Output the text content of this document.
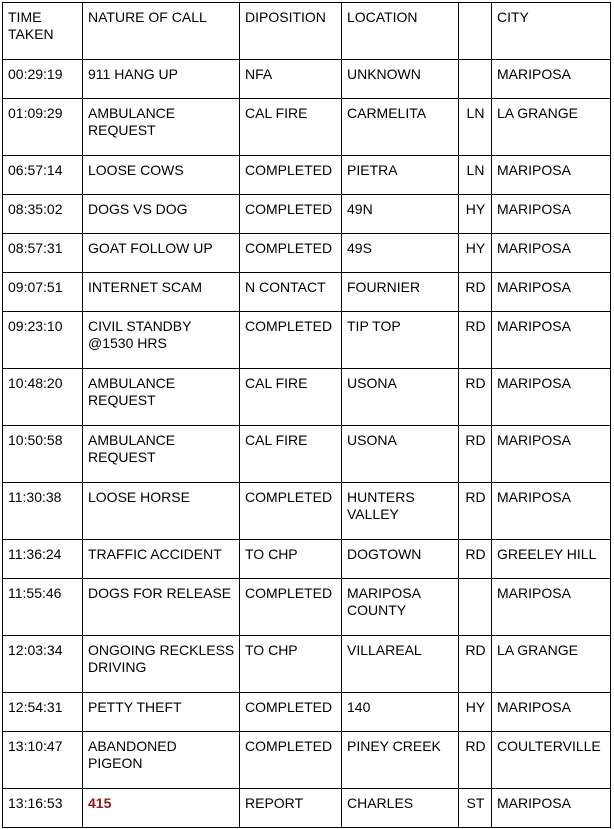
TIME TAKEN	NATURE OF CALL	DIPOSITION	LOCATION		CITY
00:29:19	911 HANG UP	NFA	UNKNOWN		MARIPOSA
01:09:29	AMBULANCE REQUEST	CAL FIRE	CARMELITA	LN	LA GRANGE
06:57:14	LOOSE COWS	COMPLETED	PIETRA	LN	MARIPOSA
08:35:02	DOGS VS DOG	COMPLETED	49N	HY	MARIPOSA
08:57:31	GOAT FOLLOW UP	COMPLETED	49S	HY	MARIPOSA
09:07:51	INTERNET SCAM	N CONTACT	FOURNIER	RD	MARIPOSA
09:23:10	CIVIL STANDBY @1530 HRS	COMPLETED	TIP TOP	RD	MARIPOSA
10:48:20	AMBULANCE REQUEST	CAL FIRE	USONA	RD	MARIPOSA
10:50:58	AMBULANCE REQUEST	CAL FIRE	USONA	RD	MARIPOSA
11:30:38	LOOSE HORSE	COMPLETED	HUNTERS VALLEY	RD	MARIPOSA
11:36:24	TRAFFIC ACCIDENT	TO CHP	DOGTOWN	RD	GREELEY HILL
11:55:46	DOGS FOR RELEASE	COMPLETED	MARIPOSA COUNTY		MARIPOSA
12:03:34	ONGOING RECKLESS DRIVING	TO CHP	VILLAREAL	RD	LA GRANGE
12:54:31	PETTY THEFT	COMPLETED	140	HY	MARIPOSA
13:10:47	ABANDONED PIGEON	COMPLETED	PINEY CREEK	RD	COULTERVILLE
13:16:53	415	REPORT	CHARLES	ST	MARIPOSA
